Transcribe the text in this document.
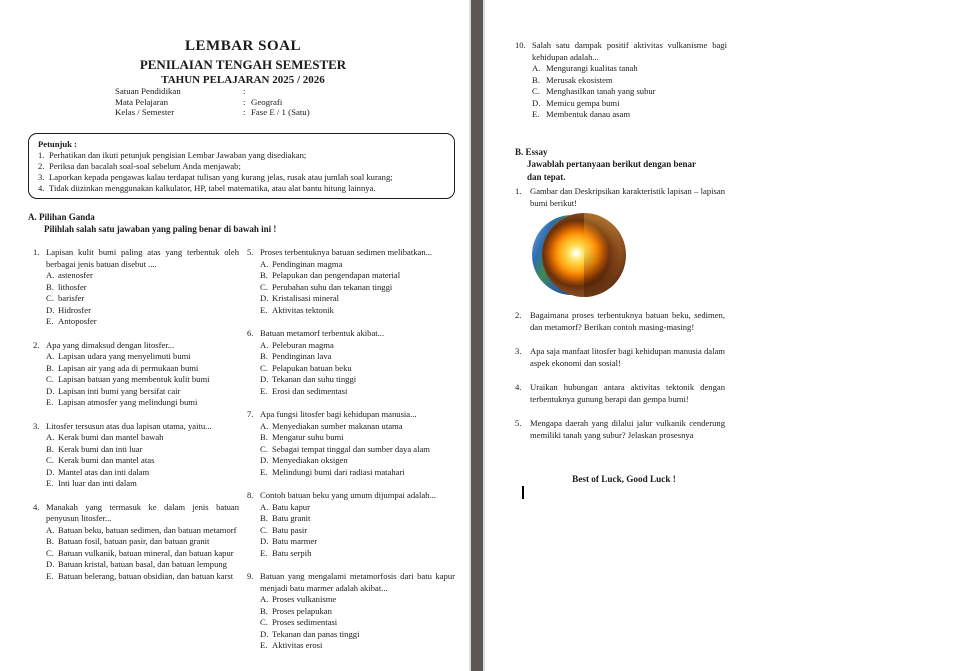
LEMBAR SOAL
PENILAIAN TENGAH SEMESTER
TAHUN PELAJARAN 2025 / 2026
Satuan Pendidikan	:
Mata Pelajaran	: Geografi
Kelas / Semester	: Fase E / 1 (Satu)
Petunjuk :
1. Perhatikan dan ikuti petunjuk pengisian Lembar Jawaban yang disediakan;
2. Periksa dan bacalah soal-soal sebelum Anda menjawab;
3. Laporkan kepada pengawas kalau terdapat tulisan yang kurang jelas, rusak atau jumlah soal kurang;
4. Tidak diizinkan menggunakan kalkulator, HP, tabel matematika, atau alat bantu hitung lainnya.
A. Pilihan Ganda
Pilihlah salah satu jawaban yang paling benar di bawah ini !
1. Lapisan kulit bumi paling atas yang terbentuk oleh berbagai jenis batuan disebut ....
A. astenosfer
B. lithosfer
C. barisfer
D. Hidrosfer
E. Antoposfer
2. Apa yang dimaksud dengan litosfer...
A. Lapisan udara yang menyelimuti bumi
B. Lapisan air yang ada di permukaan bumi
C. Lapisan batuan yang membentuk kulit bumi
D. Lapisan inti bumi yang bersifat cair
E. Lapisan atmosfer yang melindungi bumi
3. Litosfer tersusun atas dua lapisan utama, yaitu...
A. Kerak bumi dan mantel bawah
B. Kerak bumi dan inti luar
C. Kerak bumi dan mantel atas
D. Mantel atas dan inti dalam
E. Inti luar dan inti dalam
4. Manakah yang termasuk ke dalam jenis batuan penyusun litosfer...
A. Batuan beku, batuan sedimen, dan batuan metamorf
B. Batuan fosil, batuan pasir, dan batuan granit
C. Batuan vulkanik, batuan mineral, dan batuan kapur
D. Batuan kristal, batuan basal, dan batuan lempung
E. Batuan belerang, batuan obsidian, dan batuan karst
5. Proses terbentuknya batuan sedimen melibatkan...
A. Pendinginan magma
B. Pelapukan dan pengendapan material
C. Perubahan suhu dan tekanan tinggi
D. Kristalisasi mineral
E. Aktivitas tektonik
6. Batuan metamorf terbentuk akibat...
A. Peleburan magma
B. Pendinginan lava
C. Pelapukan batuan beku
D. Tekanan dan suhu tinggi
E. Erosi dan sedimentasi
7. Apa fungsi litosfer bagi kehidupan manusia...
A. Menyediakan sumber makanan utama
B. Mengatur suhu bumi
C. Sebagai tempat tinggal dan sumber daya alam
D. Menyediakan oksigen
E. Melindungi bumi dari radiasi matahari
8. Contoh batuan beku yang umum dijumpai adalah...
A. Batu kapur
B. Batu granit
C. Batu pasir
D. Batu marmer
E. Batu serpih
9. Batuan yang mengalami metamorfosis dari batu kapur menjadi batu marmer adalah akibat...
A. Proses vulkanisme
B. Proses pelapukan
C. Proses sedimentasi
D. Tekanan dan panas tinggi
E. Aktivitas erosi
10. Salah satu dampak positif aktivitas vulkanisme bagi kehidupan adalah...
A. Mengurangi kualitas tanah
B. Merusak ekosistem
C. Menghasilkan tanah yang subur
D. Memicu gempa bumi
E. Membentuk danau asam
B. Essay
Jawablah pertanyaan berikut dengan benar
dan tepat.
1. Gambar dan Deskripsikan karakteristik lapisan – lapisan bumi berikut!
2. Bagaimana proses terbentuknya batuan beku, sedimen, dan metamorf? Berikan contoh masing-masing!
3. Apa saja manfaat litosfer bagi kehidupan manusia dalam aspek ekonomi dan sosial!
4. Uraikan hubungan antara aktivitas tektonik dengan terbentuknya gunung berapi dan gempa bumi!
5. Mengapa daerah yang dilalui jalur vulkanik cenderung memiliki tanah yang subur? Jelaskan prosesnya
Best of Luck, Good Luck !
